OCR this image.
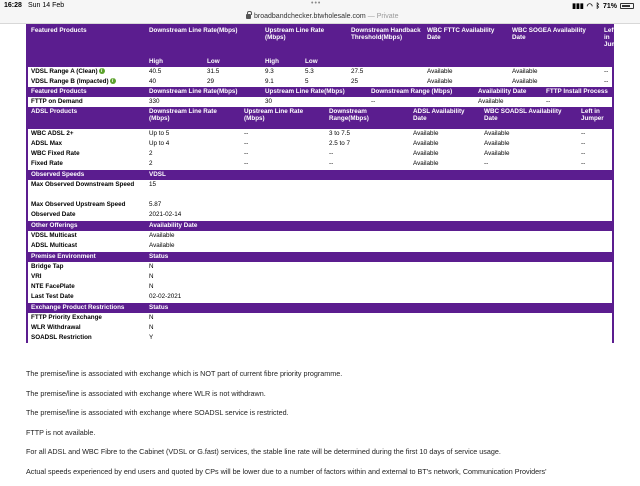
16:28 Sun 14 Feb	•••	▮▮▮ ◠ ᛒ 71%
broadbandchecker.btwholesale.com — Private
Featured Products	Downstream Line Rate(Mbps)		Upstream Line Rate (Mbps)		Downstream Handback Threshold(Mbps)	WBC FTTC Availability Date	WBC SOGEA Availability Date	Left in Jumper
	High	Low	High	Low				
VDSL Range A (Clean) i	40.5	31.5	9.3	5.3	27.5	Available	Available	--
VDSL Range B (Impacted) i	40	29	9.1	5	25	Available	Available	--
Featured Products	Downstream Line Rate(Mbps)	Upstream Line Rate(Mbps)	Downstream Range (Mbps)	Availability Date	FTTP Install Process
FTTP on Demand	330	30	--	Available	--
ADSL Products	Downstream Line Rate (Mbps)	Upstream Line Rate (Mbps)	Downstream Range(Mbps)	ADSL Availability Date	WBC SOADSL Availability Date	Left in Jumper
WBC ADSL 2+	Up to 5	--	3 to 7.5	Available	Available	--
ADSL Max	Up to 4	--	2.5 to 7	Available	Available	--
WBC Fixed Rate	2	--	--	Available	Available	--
Fixed Rate	2	--	--	Available	--	--
Observed Speeds	VDSL
Max Observed Downstream Speed	15
Max Observed Upstream Speed	5.87
Observed Date	2021-02-14
Other Offerings	Availability Date
VDSL Multicast	Available
ADSL Multicast	Available
Premise Environment	Status
Bridge Tap	N
VRI	N
NTE FacePlate	N
Last Test Date	02-02-2021
Exchange Product Restrictions	Status
FTTP Priority Exchange	N
WLR Withdrawal	N
SOADSL Restriction	Y

The premise/line is associated with exchange which is NOT part of current fibre priority programme.

The premise/line is associated with exchange where WLR is not withdrawn.

The premise/line is associated with exchange where SOADSL service is restricted.

FTTP is not available.

For all ADSL and WBC Fibre to the Cabinet (VDSL or G.fast) services, the stable line rate will be determined during the first 10 days of service usage.

Actual speeds experienced by end users and quoted by CPs will be lower due to a number of factors within and external to BT's network, Communication Providers'
